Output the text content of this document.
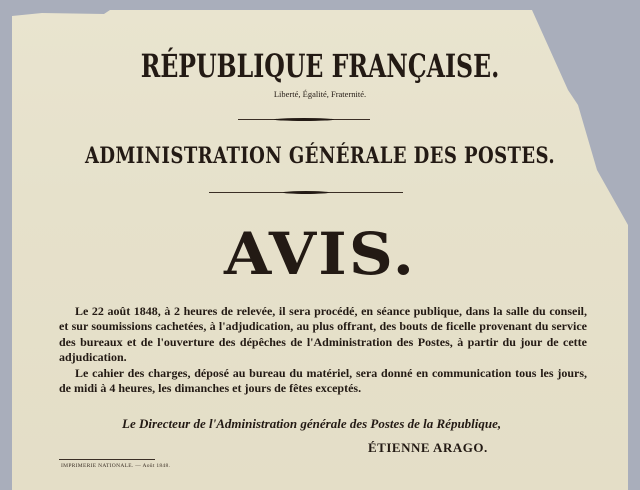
RÉPUBLIQUE FRANÇAISE.
Liberté, Égalité, Fraternité.
ADMINISTRATION GÉNÉRALE DES POSTES.
AVIS.

Le 22 août 1848, à 2 heures de relevée, il sera procédé, en séance publique, dans la salle du conseil, et sur soumissions cachetées, à l'adjudication, au plus offrant, des bouts de ficelle provenant du service des bureaux et de l'ouverture des dépêches de l'Administration des Postes, à partir du jour de cette adjudication.

Le cahier des charges, déposé au bureau du matériel, sera donné en communication tous les jours, de midi à 4 heures, les dimanches et jours de fêtes exceptés.

Le Directeur de l'Administration générale des Postes de la République,
ÉTIENNE ARAGO.
IMPRIMERIE NATIONALE. — Août 1848.
